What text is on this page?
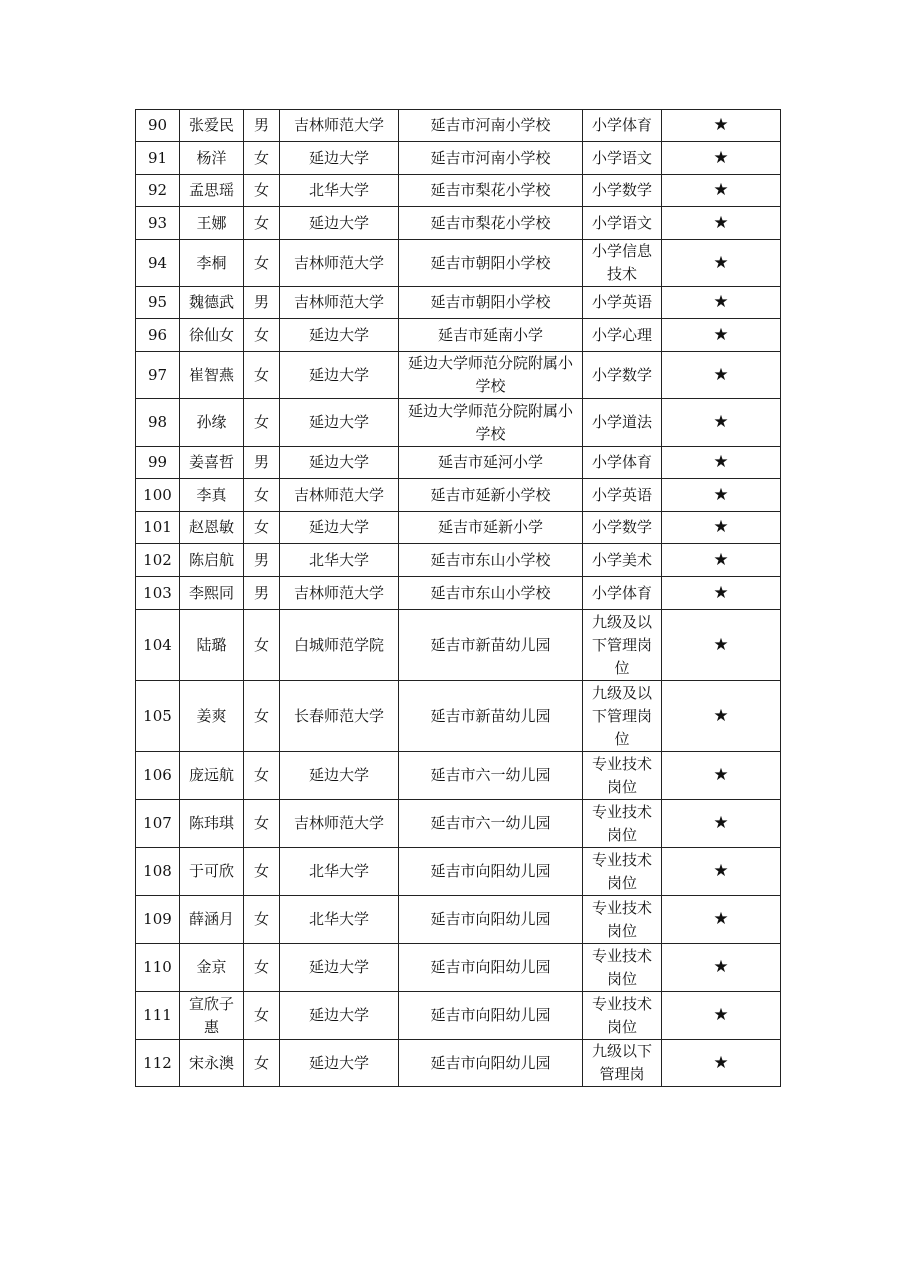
90	张爱民	男	吉林师范大学	延吉市河南小学校	小学体育	★
91	杨洋	女	延边大学	延吉市河南小学校	小学语文	★
92	孟思瑶	女	北华大学	延吉市梨花小学校	小学数学	★
93	王娜	女	延边大学	延吉市梨花小学校	小学语文	★
94	李桐	女	吉林师范大学	延吉市朝阳小学校	小学信息技术	★
95	魏德武	男	吉林师范大学	延吉市朝阳小学校	小学英语	★
96	徐仙女	女	延边大学	延吉市延南小学	小学心理	★
97	崔智燕	女	延边大学	延边大学师范分院附属小学校	小学数学	★
98	孙缘	女	延边大学	延边大学师范分院附属小学校	小学道法	★
99	姜喜哲	男	延边大学	延吉市延河小学	小学体育	★
100	李真	女	吉林师范大学	延吉市延新小学校	小学英语	★
101	赵恩敏	女	延边大学	延吉市延新小学	小学数学	★
102	陈启航	男	北华大学	延吉市东山小学校	小学美术	★
103	李熙同	男	吉林师范大学	延吉市东山小学校	小学体育	★
104	陆璐	女	白城师范学院	延吉市新苗幼儿园	九级及以下管理岗位	★
105	姜爽	女	长春师范大学	延吉市新苗幼儿园	九级及以下管理岗位	★
106	庞远航	女	延边大学	延吉市六一幼儿园	专业技术岗位	★
107	陈玮琪	女	吉林师范大学	延吉市六一幼儿园	专业技术岗位	★
108	于可欣	女	北华大学	延吉市向阳幼儿园	专业技术岗位	★
109	薛涵月	女	北华大学	延吉市向阳幼儿园	专业技术岗位	★
110	金京	女	延边大学	延吉市向阳幼儿园	专业技术岗位	★
111	宣欣子惠	女	延边大学	延吉市向阳幼儿园	专业技术岗位	★
112	宋永澳	女	延边大学	延吉市向阳幼儿园	九级以下管理岗	★
